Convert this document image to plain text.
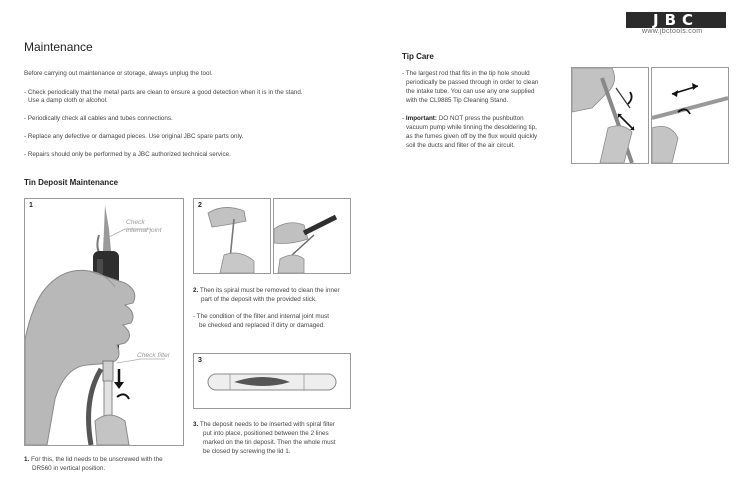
JBC
www.jbctools.com
Maintenance
Before carrying out maintenance or storage, always unplug the tool.
- Check periodically that the metal parts are clean to ensure a good detection when it is in the stand.
Use a damp cloth or alcohol.
- Periodically check all cables and tubes connections.
- Replace any defective or damaged pieces. Use original JBC spare parts only.
- Repairs should only be performed by a JBC authorized technical service.
Tin Deposit Maintenance
1
Check
internal joint
Check filter
1. For this, the lid needs to be unscrewed with the
DR560 in vertical position.
2
2. Then its spiral must be removed to clean the inner
part of the deposit with the provided stick.
- The condition of the filter and internal joint must
be checked and replaced if dirty or damaged.
3
3. The deposit needs to be inserted with spiral filter
put into place, positioned between the 2 lines
marked on the tin deposit. Then the whole must
be closed by screwing the lid 1.
Tip Care
- The largest rod that fits in the tip hole should
periodically be passed through in order to clean
the intake tube. You can use any one supplied
with the CL9885 Tip Cleaning Stand.
- Important: DO NOT press the pushbutton
vacuum pump while tinning the desoldering tip,
as the fumes given off by the flux would quickly
soil the ducts and filter of the air circuit.
